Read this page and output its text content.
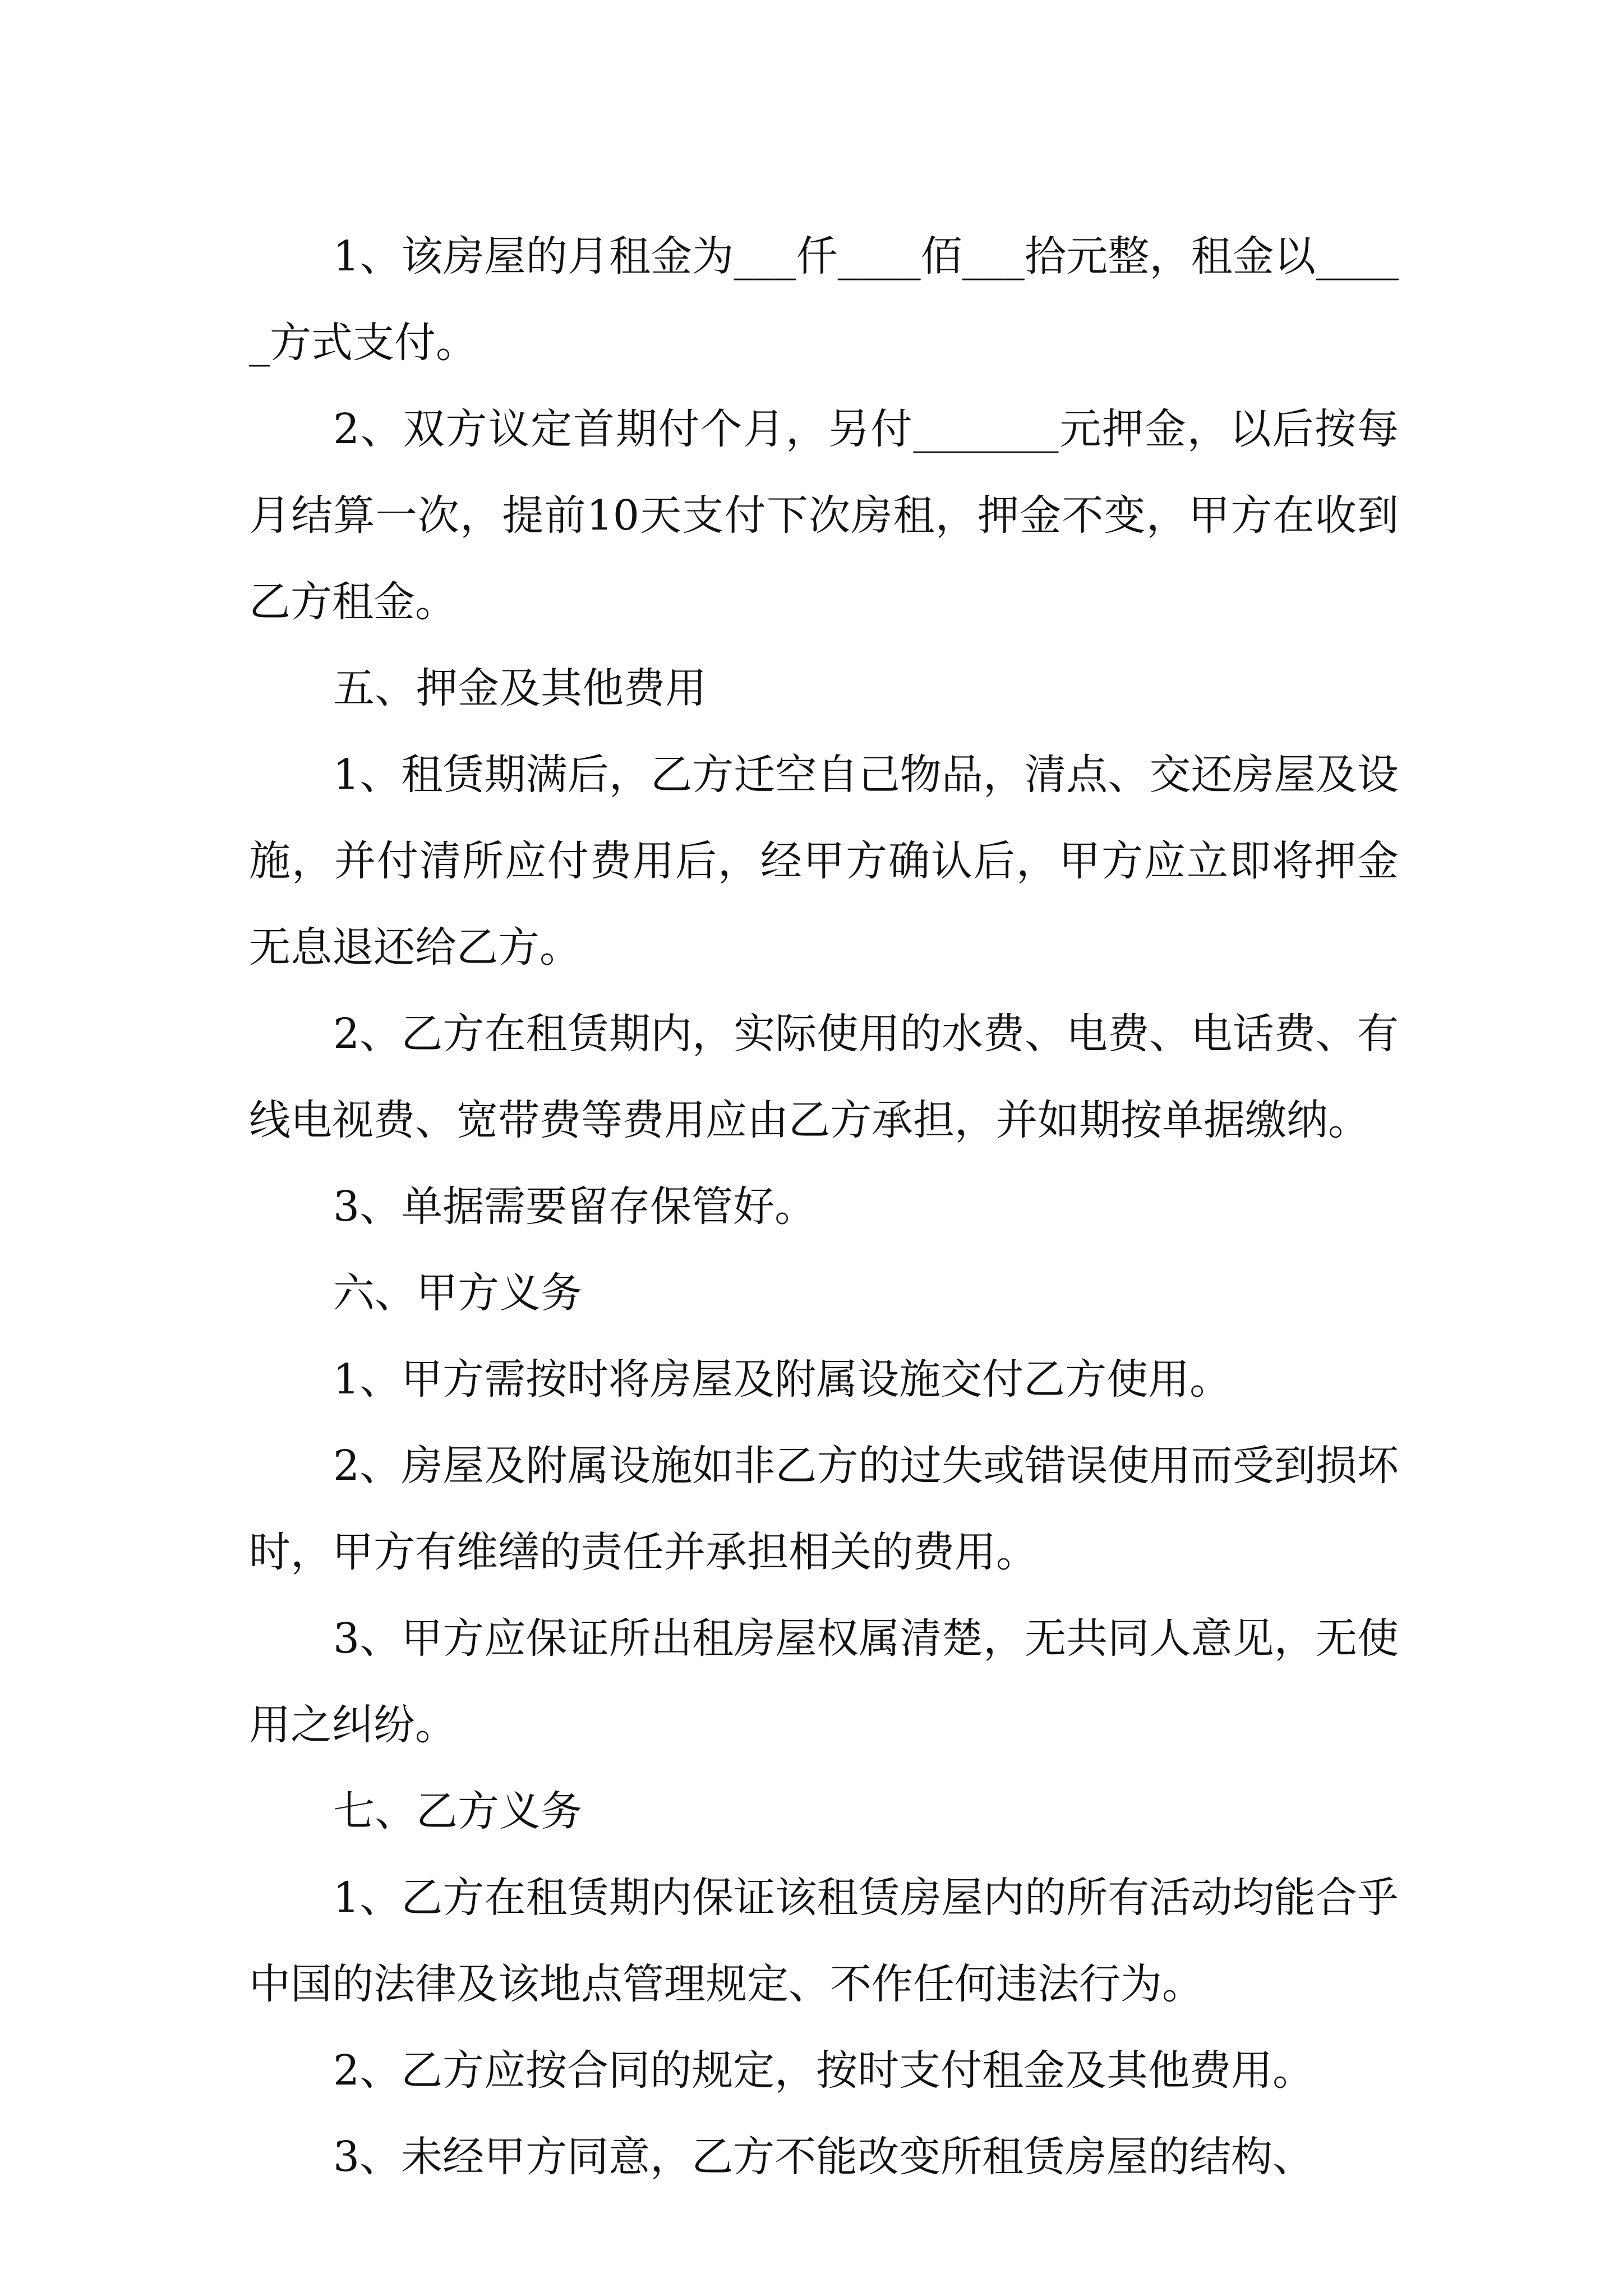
1、该房屋的月租金为___仟____佰___拾元整，租金以_____方式支付。

2、双方议定首期付个月，另付_______元押金，以后按每月结算一次，提前10天支付下次房租，押金不变，甲方在收到乙方租金。

五、押金及其他费用

1、租赁期满后，乙方迁空自己物品，清点、交还房屋及设施，并付清所应付费用后，经甲方确认后，甲方应立即将押金无息退还给乙方。

2、乙方在租赁期内，实际使用的水费、电费、电话费、有线电视费、宽带费等费用应由乙方承担，并如期按单据缴纳。

3、单据需要留存保管好。

六、甲方义务

1、甲方需按时将房屋及附属设施交付乙方使用。

2、房屋及附属设施如非乙方的过失或错误使用而受到损坏时，甲方有维缮的责任并承担相关的费用。

3、甲方应保证所出租房屋权属清楚，无共同人意见，无使用之纠纷。

七、乙方义务

1、乙方在租赁期内保证该租赁房屋内的所有活动均能合乎中国的法律及该地点管理规定、不作任何违法行为。

2、乙方应按合同的规定，按时支付租金及其他费用。

3、未经甲方同意，乙方不能改变所租赁房屋的结构、
